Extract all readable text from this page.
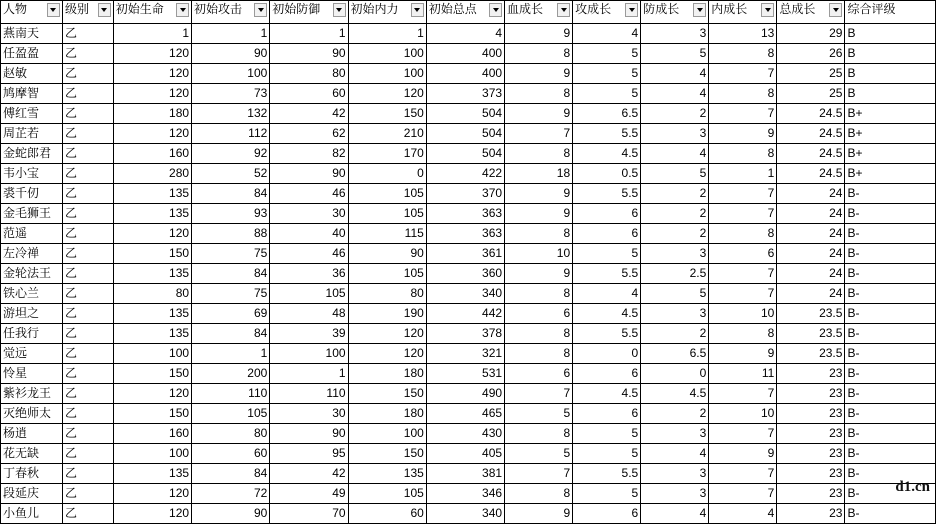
人物	级别	初始生命	初始攻击	初始防御	初始内力	初始总点	血成长	攻成长	防成长	内成长	总成长	综合评级
燕南天	乙	1	1	1	1	4	9	4	3	13	29	B
任盈盈	乙	120	90	90	100	400	8	5	5	8	26	B
赵敏	乙	120	100	80	100	400	9	5	4	7	25	B
鸠摩智	乙	120	73	60	120	373	8	5	4	8	25	B
傅红雪	乙	180	132	42	150	504	9	6.5	2	7	24.5	B+
周芷若	乙	120	112	62	210	504	7	5.5	3	9	24.5	B+
金蛇郎君	乙	160	92	82	170	504	8	4.5	4	8	24.5	B+
韦小宝	乙	280	52	90	0	422	18	0.5	5	1	24.5	B+
裘千仞	乙	135	84	46	105	370	9	5.5	2	7	24	B-
金毛狮王	乙	135	93	30	105	363	9	6	2	7	24	B-
范遥	乙	120	88	40	115	363	8	6	2	8	24	B-
左冷禅	乙	150	75	46	90	361	10	5	3	6	24	B-
金轮法王	乙	135	84	36	105	360	9	5.5	2.5	7	24	B-
铁心兰	乙	80	75	105	80	340	8	4	5	7	24	B-
游坦之	乙	135	69	48	190	442	6	4.5	3	10	23.5	B-
任我行	乙	135	84	39	120	378	8	5.5	2	8	23.5	B-
觉远	乙	100	1	100	120	321	8	0	6.5	9	23.5	B-
怜星	乙	150	200	1	180	531	6	6	0	11	23	B-
紫衫龙王	乙	120	110	110	150	490	7	4.5	4.5	7	23	B-
灭绝师太	乙	150	105	30	180	465	5	6	2	10	23	B-
杨逍	乙	160	80	90	100	430	8	5	3	7	23	B-
花无缺	乙	100	60	95	150	405	5	5	4	9	23	B-
丁春秋	乙	135	84	42	135	381	7	5.5	3	7	23	B-
段延庆	乙	120	72	49	105	346	8	5	3	7	23	B-
小鱼儿	乙	120	90	70	60	340	9	6	4	4	23	B-
d1.cn
